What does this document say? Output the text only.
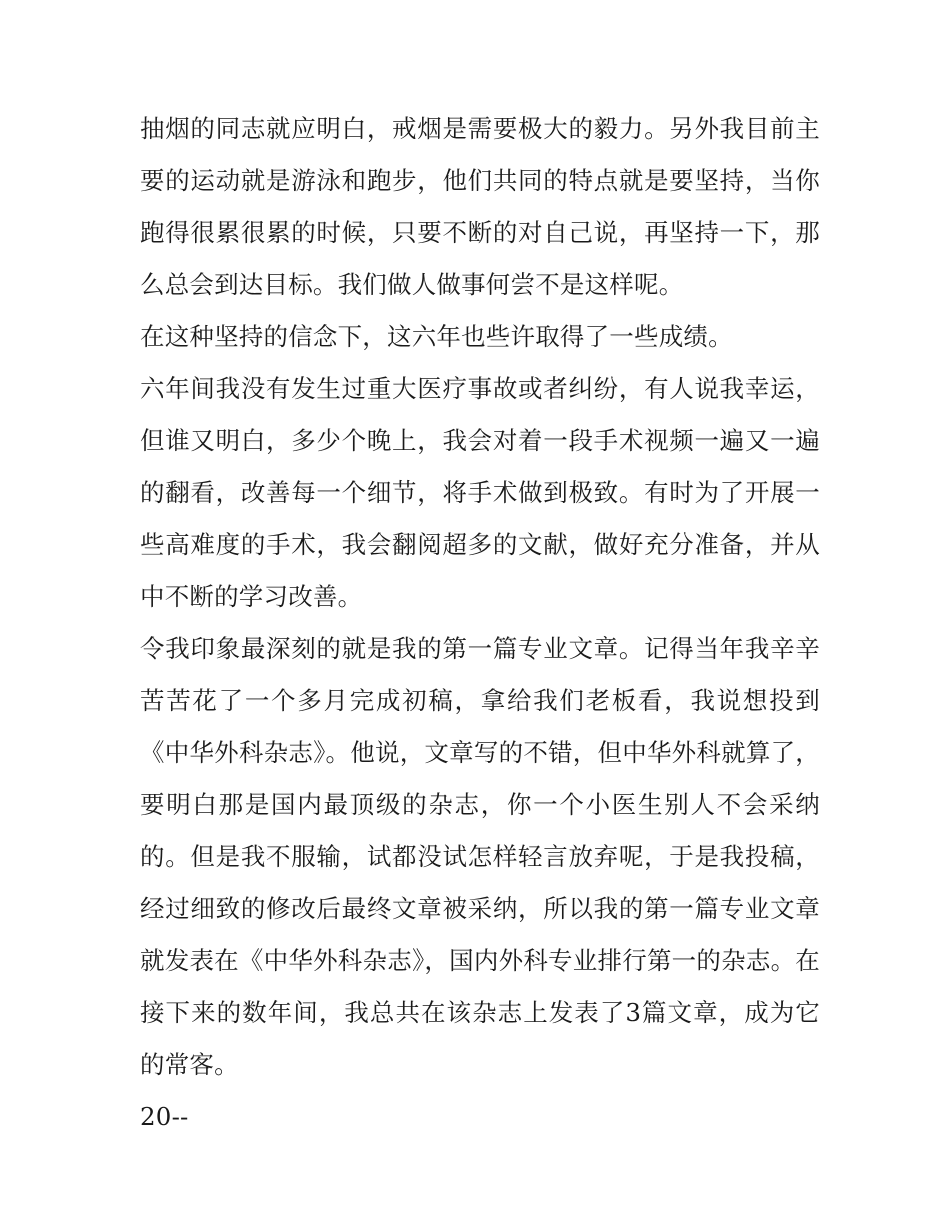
抽烟的同志就应明白，戒烟是需要极大的毅力。另外我目前主要的运动就是游泳和跑步，他们共同的特点就是要坚持，当你跑得很累很累的时候，只要不断的对自己说，再坚持一下，那么总会到达目标。我们做人做事何尝不是这样呢。

在这种坚持的信念下，这六年也些许取得了一些成绩。

六年间我没有发生过重大医疗事故或者纠纷，有人说我幸运，但谁又明白，多少个晚上，我会对着一段手术视频一遍又一遍的翻看，改善每一个细节，将手术做到极致。有时为了开展一些高难度的手术，我会翻阅超多的文献，做好充分准备，并从中不断的学习改善。

令我印象最深刻的就是我的第一篇专业文章。记得当年我辛辛苦苦花了一个多月完成初稿，拿给我们老板看，我说想投到《中华外科杂志》。他说，文章写的不错，但中华外科就算了，要明白那是国内最顶级的杂志，你一个小医生别人不会采纳的。但是我不服输，试都没试怎样轻言放弃呢，于是我投稿，经过细致的修改后最终文章被采纳，所以我的第一篇专业文章就发表在《中华外科杂志》，国内外科专业排行第一的杂志。在接下来的数年间，我总共在该杂志上发表了3篇文章，成为它的常客。

20--
